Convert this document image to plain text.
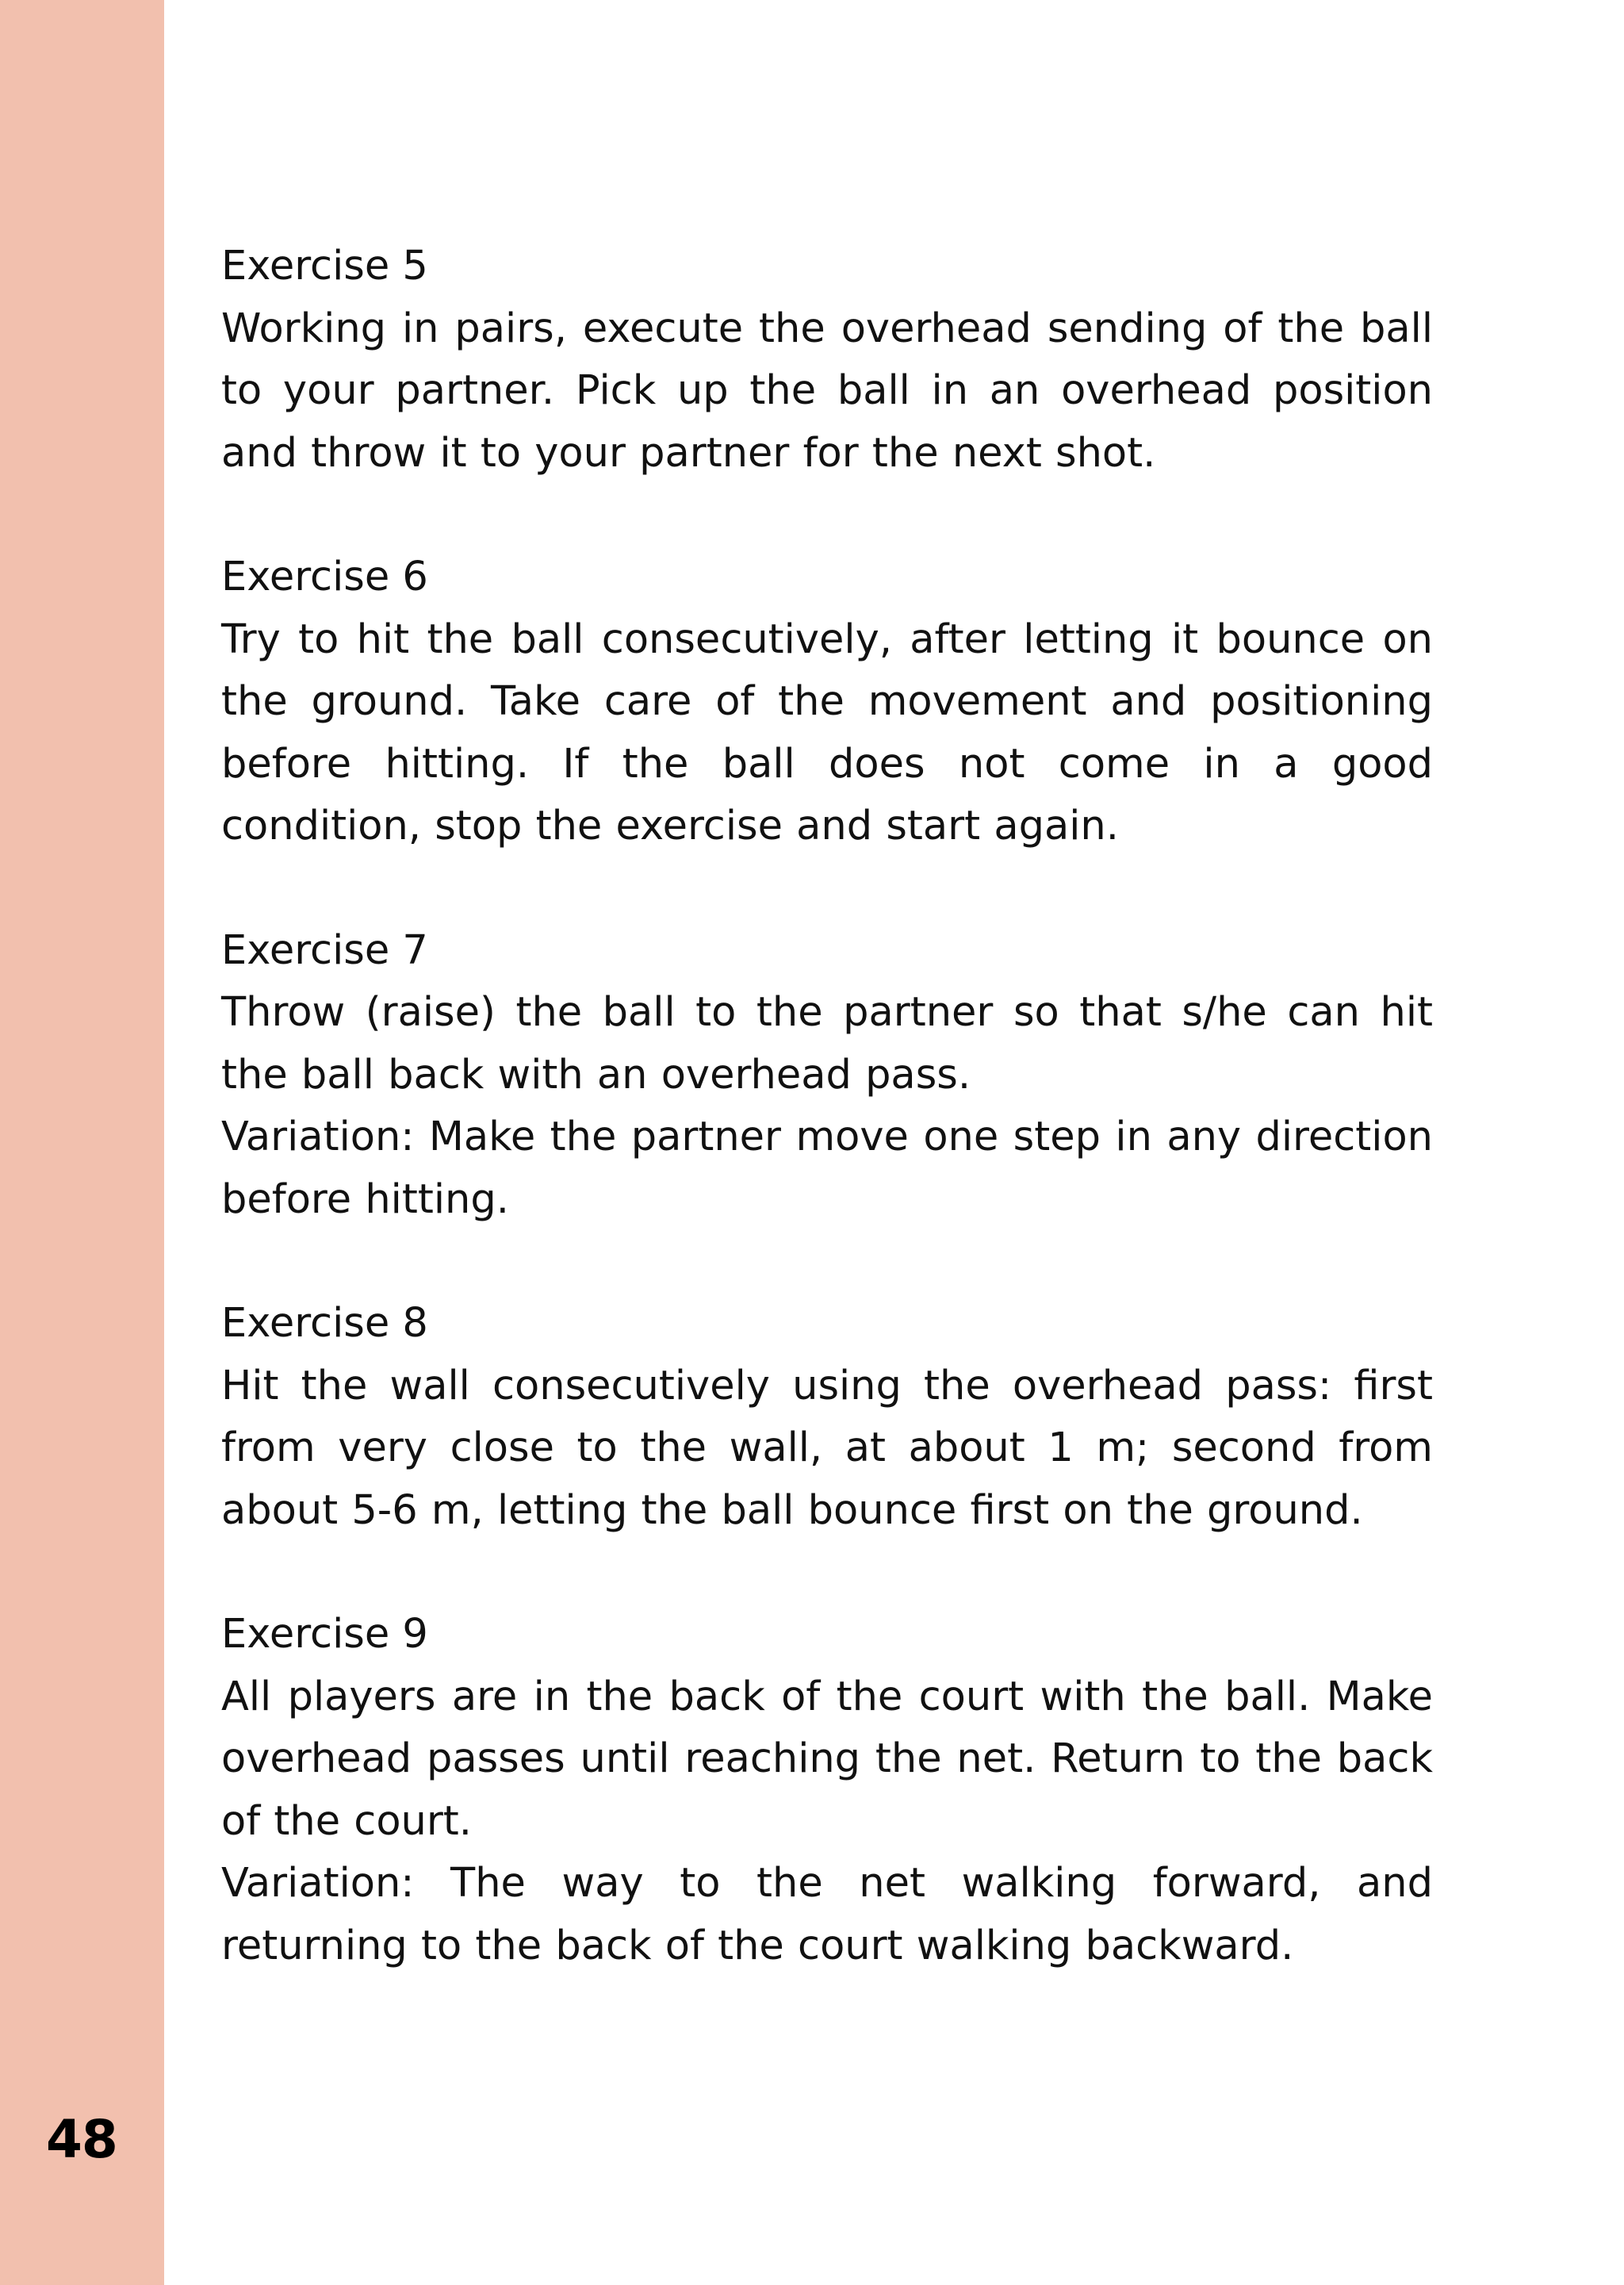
48

Exercise 5

Working in pairs, execute the overhead sending of the ball to your partner. Pick up the ball in an overhead position and throw it to your partner for the next shot.

Exercise 6

Try to hit the ball consecutively, after letting it bounce on the ground. Take care of the movement and positioning before hitting. If the ball does not come in a good condition, stop the exercise and start again.

Exercise 7

Throw (raise) the ball to the partner so that s/he can hit the ball back with an overhead pass.

Variation: Make the partner move one step in any direction before hitting.

Exercise 8

Hit the wall consecutively using the overhead pass: first from very close to the wall, at about 1 m; second from about 5-6 m, letting the ball bounce first on the ground.

Exercise 9

All players are in the back of the court with the ball. Make overhead passes until reaching the net. Return to the back of the court.

Variation: The way to the net walking forward, and returning to the back of the court walking backward.
